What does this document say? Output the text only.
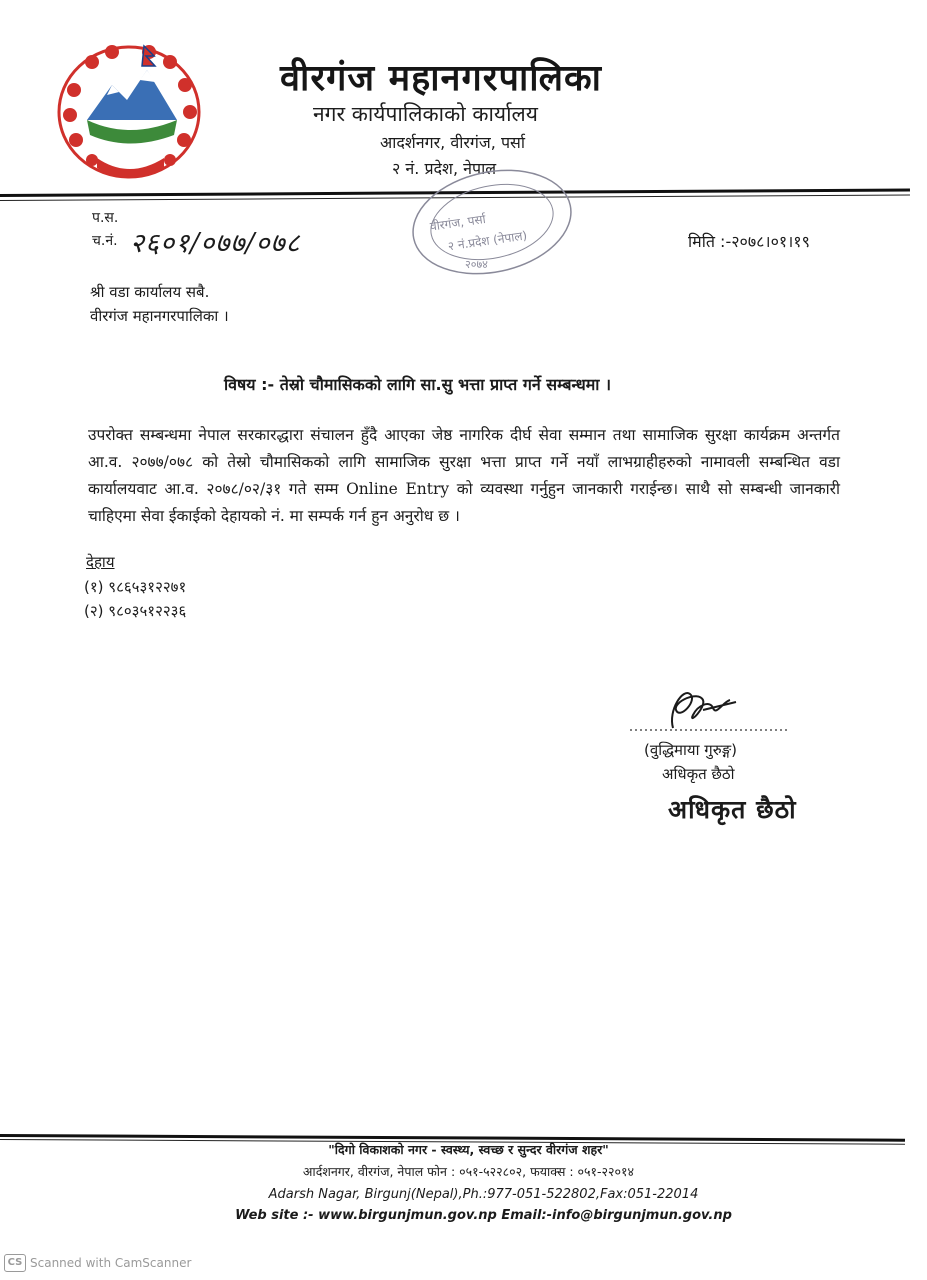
वीरगंज महानगरपालिका
नगर कार्यपालिकाको कार्यालय
आदर्शनगर, वीरगंज, पर्सा
२ नं. प्रदेश, नेपाल
प.स.
च.नं. २६०१/०७७/०७८
वीरगंज, पर्सा
२ नं.प्रदेश (नेपाल)
२०७४
मिति :-२०७८।०१।१९
श्री वडा कार्यालय सबै.
वीरगंज महानगरपालिका ।
विषय :- तेस्रो चौमासिकको लागि सा.सु भत्ता प्राप्त गर्ने सम्बन्धमा ।
उपरोक्त सम्बन्धमा नेपाल सरकारद्धारा संचालन हुँदै आएका जेष्ठ नागरिक दीर्घ सेवा सम्मान तथा सामाजिक सुरक्षा कार्यक्रम अन्तर्गत आ.व. २०७७/०७८ को तेस्रो चौमासिकको लागि सामाजिक सुरक्षा भत्ता प्राप्त गर्ने नयाँ लाभग्राहीहरुको नामावली सम्बन्धित वडा कार्यालयवाट आ.व. २०७८/०२/३१ गते सम्म Online Entry को व्यवस्था गर्नुहुन जानकारी गराईन्छ। साथै सो सम्बन्धी जानकारी चाहिएमा सेवा ईकाईको देहायको नं. मा सम्पर्क गर्न हुन अनुरोध छ ।
देहाय
(१) ९८६५३१२२७१
(२) ९८०३५१२२३६
(वुद्धिमाया गुरुङ्ग)
अधिकृत छैठो
अधिकृत छैठो
"दिगो विकाशको नगर - स्वस्थ्य, स्वच्छ र सुन्दर वीरगंज शहर"
आर्दशनगर, वीरगंज, नेपाल फोन : ०५१-५२२८०२, फयाक्स : ०५१-२२०१४
Adarsh Nagar, Birgunj(Nepal),Ph.:977-051-522802,Fax:051-22014
Web site :- www.birgunjmun.gov.np Email:-info@birgunjmun.gov.np
CS Scanned with CamScanner
